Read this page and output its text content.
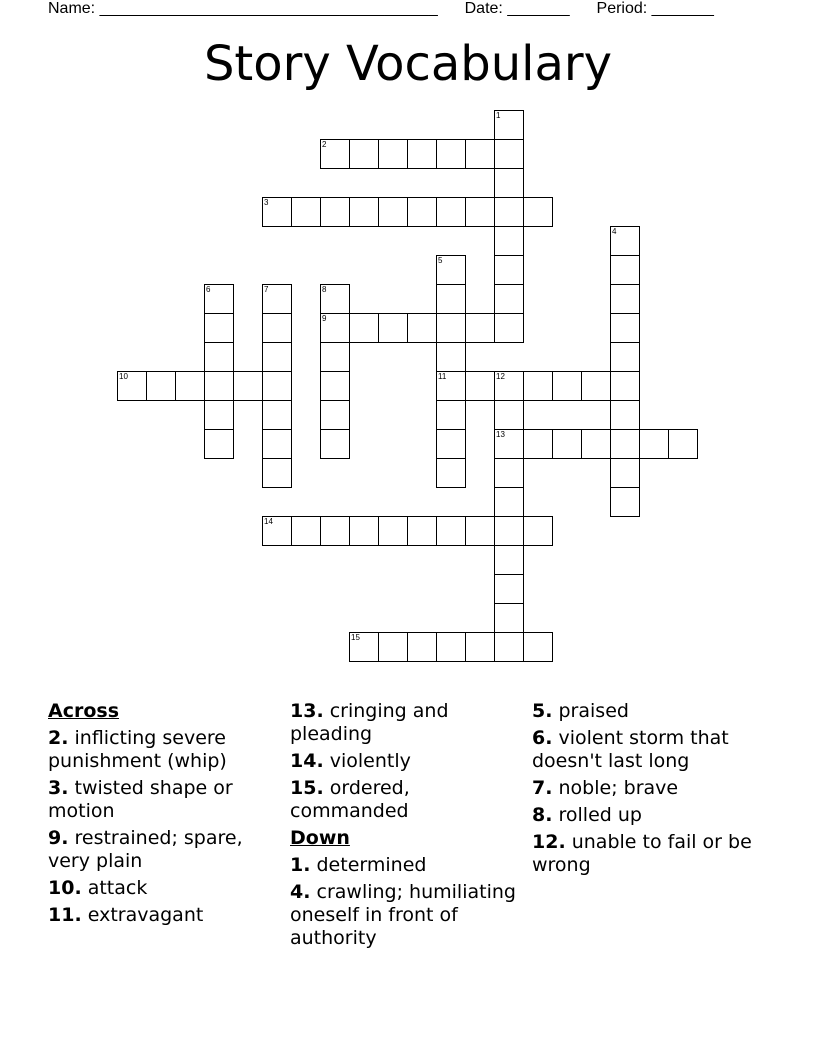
Name: ______________________________________ Date: _______ Period: _______
Story Vocabulary
1
2
3
4
5
11
6	7	8
9
10	12
13
14
15
Across
2. inflicting severe punishment (whip)
3. twisted shape or motion
9. restrained; spare, very plain
10. attack
11. extravagant
13. cringing and pleading
14. violently
15. ordered, commanded
Down
1. determined
4. crawling; humiliating oneself in front of authority
5. praised
6. violent storm that doesn't last long
7. noble; brave
8. rolled up
12. unable to fail or be wrong
